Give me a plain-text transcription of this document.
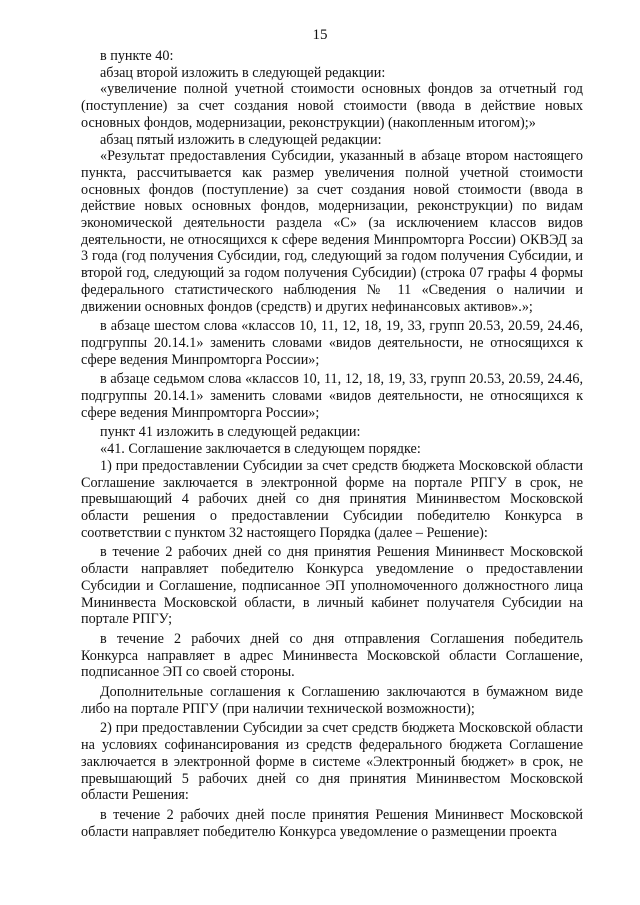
15

в пункте 40:

абзац второй изложить в следующей редакции:

«увеличение полной учетной стоимости основных фондов за отчетный год (поступление) за счет создания новой стоимости (ввода в действие новых основных фондов, модернизации, реконструкции) (накопленным итогом);»

абзац пятый изложить в следующей редакции:

«Результат предоставления Субсидии, указанный в абзаце втором настоящего пункта, рассчитывается как размер увеличения полной учетной стоимости основных фондов (поступление) за счет создания новой стоимости (ввода в действие новых основных фондов, модернизации, реконструкции) по видам экономической деятельности раздела «С» (за исключением классов видов деятельности, не относящихся к сфере ведения Минпромторга России) ОКВЭД за 3 года (год получения Субсидии, год, следующий за годом получения Субсидии, и второй год, следующий за годом получения Субсидии) (строка 07 графы 4 формы федерального статистического наблюдения № 11 «Сведения о наличии и движении основных фондов (средств) и других нефинансовых активов».»;

в абзаце шестом слова «классов 10, 11, 12, 18, 19, 33, групп 20.53, 20.59, 24.46, подгруппы 20.14.1» заменить словами «видов деятельности, не относящихся к сфере ведения Минпромторга России»;

в абзаце седьмом слова «классов 10, 11, 12, 18, 19, 33, групп 20.53, 20.59, 24.46, подгруппы 20.14.1» заменить словами «видов деятельности, не относящихся к сфере ведения Минпромторга России»;

пункт 41 изложить в следующей редакции:

«41. Соглашение заключается в следующем порядке:

1) при предоставлении Субсидии за счет средств бюджета Московской области Соглашение заключается в электронной форме на портале РПГУ в срок, не превышающий 4 рабочих дней со дня принятия Мининвестом Московской области решения о предоставлении Субсидии победителю Конкурса в соответствии с пунктом 32 настоящего Порядка (далее – Решение):

в течение 2 рабочих дней со дня принятия Решения Мининвест Московской области направляет победителю Конкурса уведомление о предоставлении Субсидии и Соглашение, подписанное ЭП уполномоченного должностного лица Мининвеста Московской области, в личный кабинет получателя Субсидии на портале РПГУ;

в течение 2 рабочих дней со дня отправления Соглашения победитель Конкурса направляет в адрес Мининвеста Московской области Соглашение, подписанное ЭП со своей стороны.

Дополнительные соглашения к Соглашению заключаются в бумажном виде либо на портале РПГУ (при наличии технической возможности);

2) при предоставлении Субсидии за счет средств бюджета Московской области на условиях софинансирования из средств федерального бюджета Соглашение заключается в электронной форме в системе «Электронный бюджет» в срок, не превышающий 5 рабочих дней со дня принятия Мининвестом Московской области Решения:

в течение 2 рабочих дней после принятия Решения Мининвест Московской области направляет победителю Конкурса уведомление о размещении проекта
